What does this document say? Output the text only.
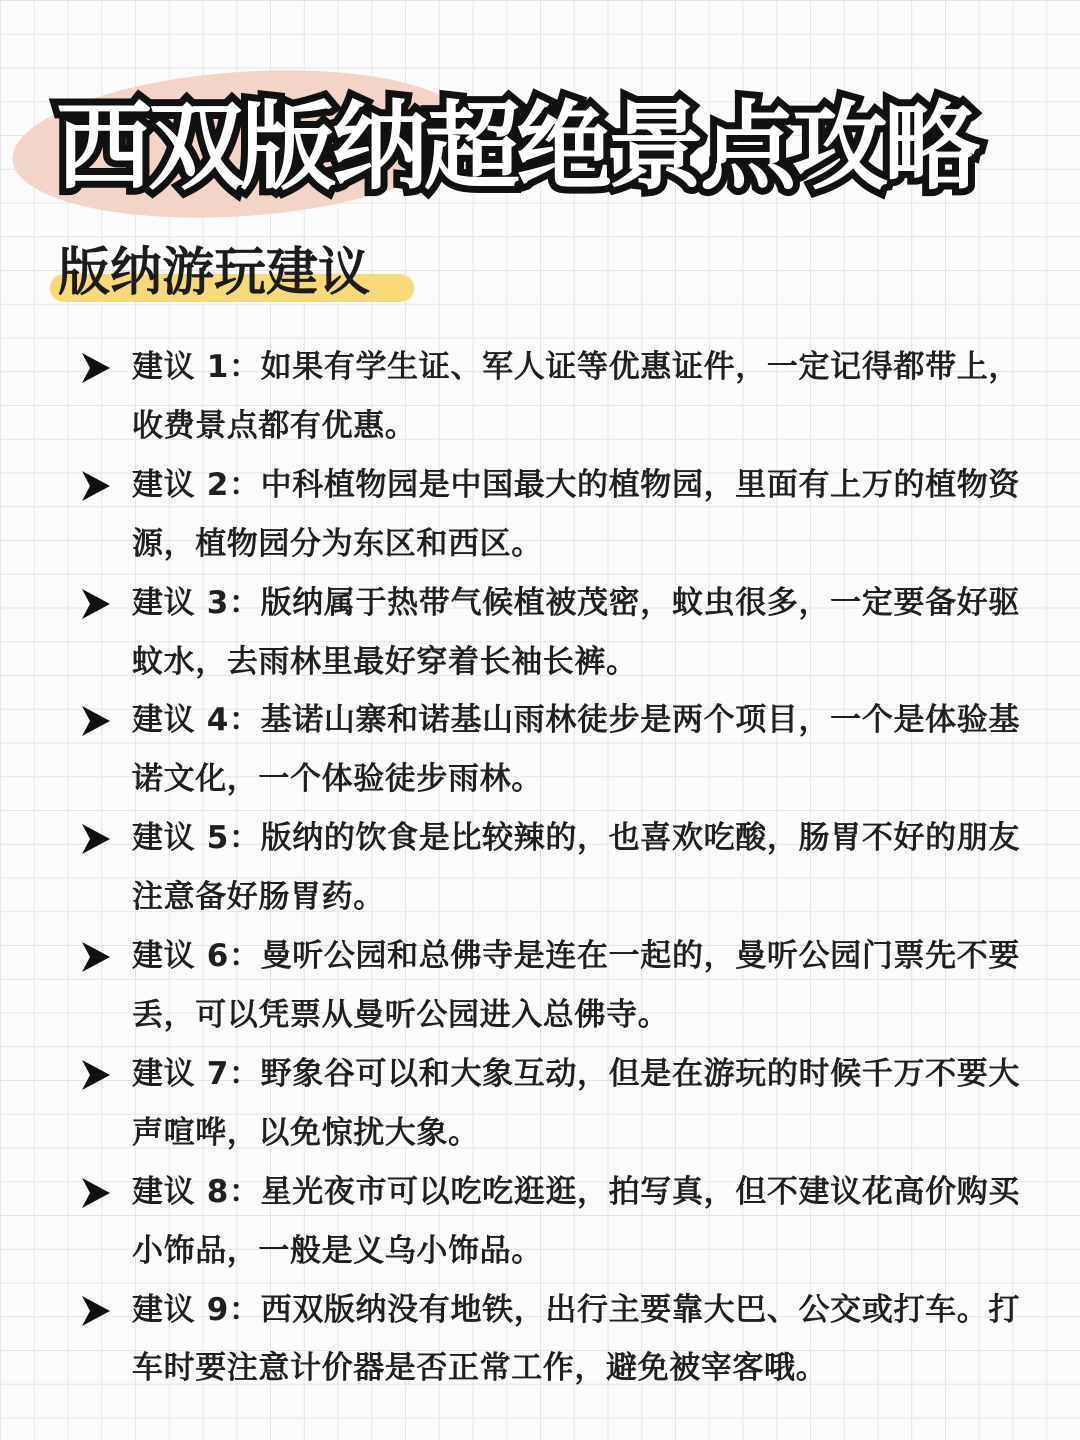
西双版纳超绝景点攻略
版纳游玩建议
建议 1：如果有学生证、军人证等优惠证件，一定记得都带上，收费景点都有优惠。
建议 2：中科植物园是中国最大的植物园，里面有上万的植物资源，植物园分为东区和西区。
建议 3：版纳属于热带气候植被茂密，蚊虫很多，一定要备好驱蚊水，去雨林里最好穿着长袖长裤。
建议 4：基诺山寨和诺基山雨林徒步是两个项目，一个是体验基诺文化，一个体验徒步雨林。
建议 5：版纳的饮食是比较辣的，也喜欢吃酸，肠胃不好的朋友注意备好肠胃药。
建议 6：曼听公园和总佛寺是连在一起的，曼听公园门票先不要丢，可以凭票从曼听公园进入总佛寺。
建议 7：野象谷可以和大象互动，但是在游玩的时候千万不要大声喧哗，以免惊扰大象。
建议 8：星光夜市可以吃吃逛逛，拍写真，但不建议花高价购买小饰品，一般是义乌小饰品。
建议 9：西双版纳没有地铁，出行主要靠大巴、公交或打车。打车时要注意计价器是否正常工作，避免被宰客哦。
